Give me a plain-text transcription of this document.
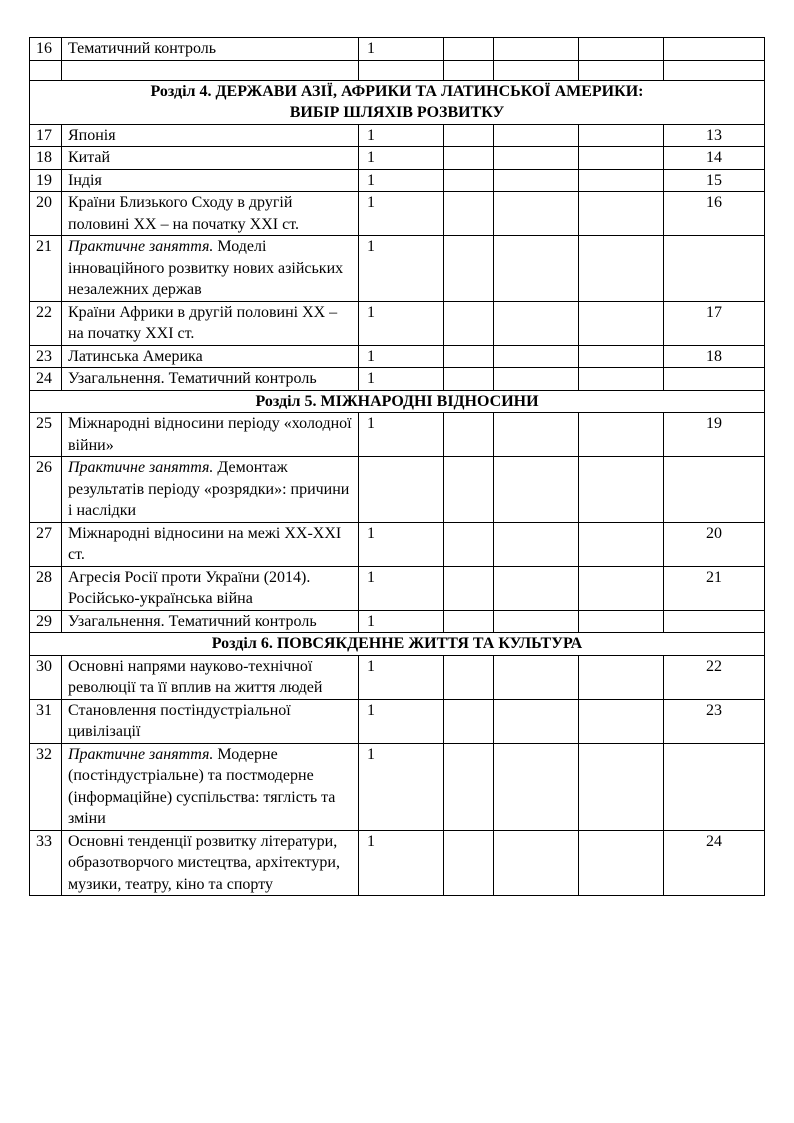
16	Тематичний контроль	1				

Розділ 4. ДЕРЖАВИ АЗІЇ, АФРИКИ ТА ЛАТИНСЬКОЇ АМЕРИКИ:
ВИБІР ШЛЯХІВ РОЗВИТКУ						

17	Японія	1				13
18	Китай	1				14
19	Індія	1				15
20	Країни Близького Сходу в другій половині XX – на початку XXI ст.	1				16
21	Практичне заняття. Моделі інноваційного розвитку нових азійських незалежних держав	1				
22	Країни Африки в другій половині XX – на початку XXI ст.	1				17
23	Латинська Америка	1				18
24	Узагальнення. Тематичний контроль	1				

Розділ 5. МІЖНАРОДНІ ВІДНОСИНИ						

25	Міжнародні відносини періоду «холодної війни»	1				19
26	Практичне заняття. Демонтаж результатів періоду «розрядки»: причини і наслідки					
27	Міжнародні відносини на межі XX-XXI ст.	1				20
28	Агресія Росії проти України (2014). Російсько-українська війна	1				21
29	Узагальнення. Тематичний контроль	1				

Розділ 6. ПОВСЯКДЕННЕ ЖИТТЯ ТА КУЛЬТУРА						

30	Основні напрями науково-технічної революції та її вплив на життя людей	1				22
31	Становлення постіндустріальної цивілізації	1				23
32	Практичне заняття. Модерне (постіндустріальне) та постмодерне (інформаційне) суспільства: тяглість та зміни	1				
33	Основні тенденції розвитку літератури, образотворчого мистецтва, архітектури, музики, театру, кіно та спорту	1				24
